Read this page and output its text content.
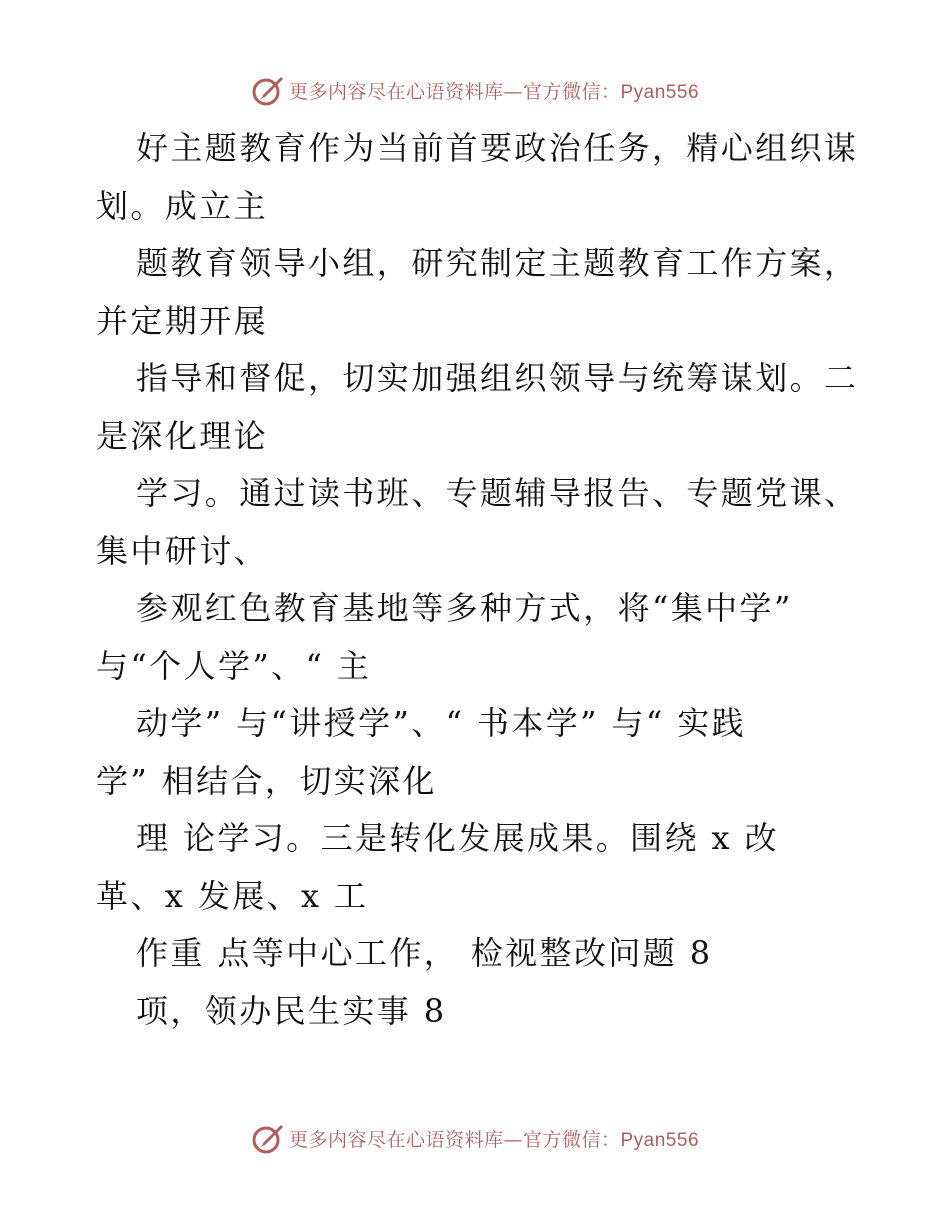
更多内容尽在心语资料库—官方微信：Pyan556
好主题教育作为当前首要政治任务，精心组织谋
划。成立主
题教育领导小组，研究制定主题教育工作方案，
并定期开展
指导和督促，切实加强组织领导与统筹谋划。二
是深化理论
学习。通过读书班、专题辅导报告、专题党课、
集中研讨、
参观红色教育基地等多种方式，将“集中学”
与“个人学”、“ 主
动学” 与“讲授学”、“ 书本学” 与“ 实践
学” 相结合，切实深化
理 论学习。三是转化发展成果。围绕 x 改
革、x 发展、x 工
作重 点等中心工作， 检视整改问题 8
项，领办民生实事 8
更多内容尽在心语资料库—官方微信：Pyan556
